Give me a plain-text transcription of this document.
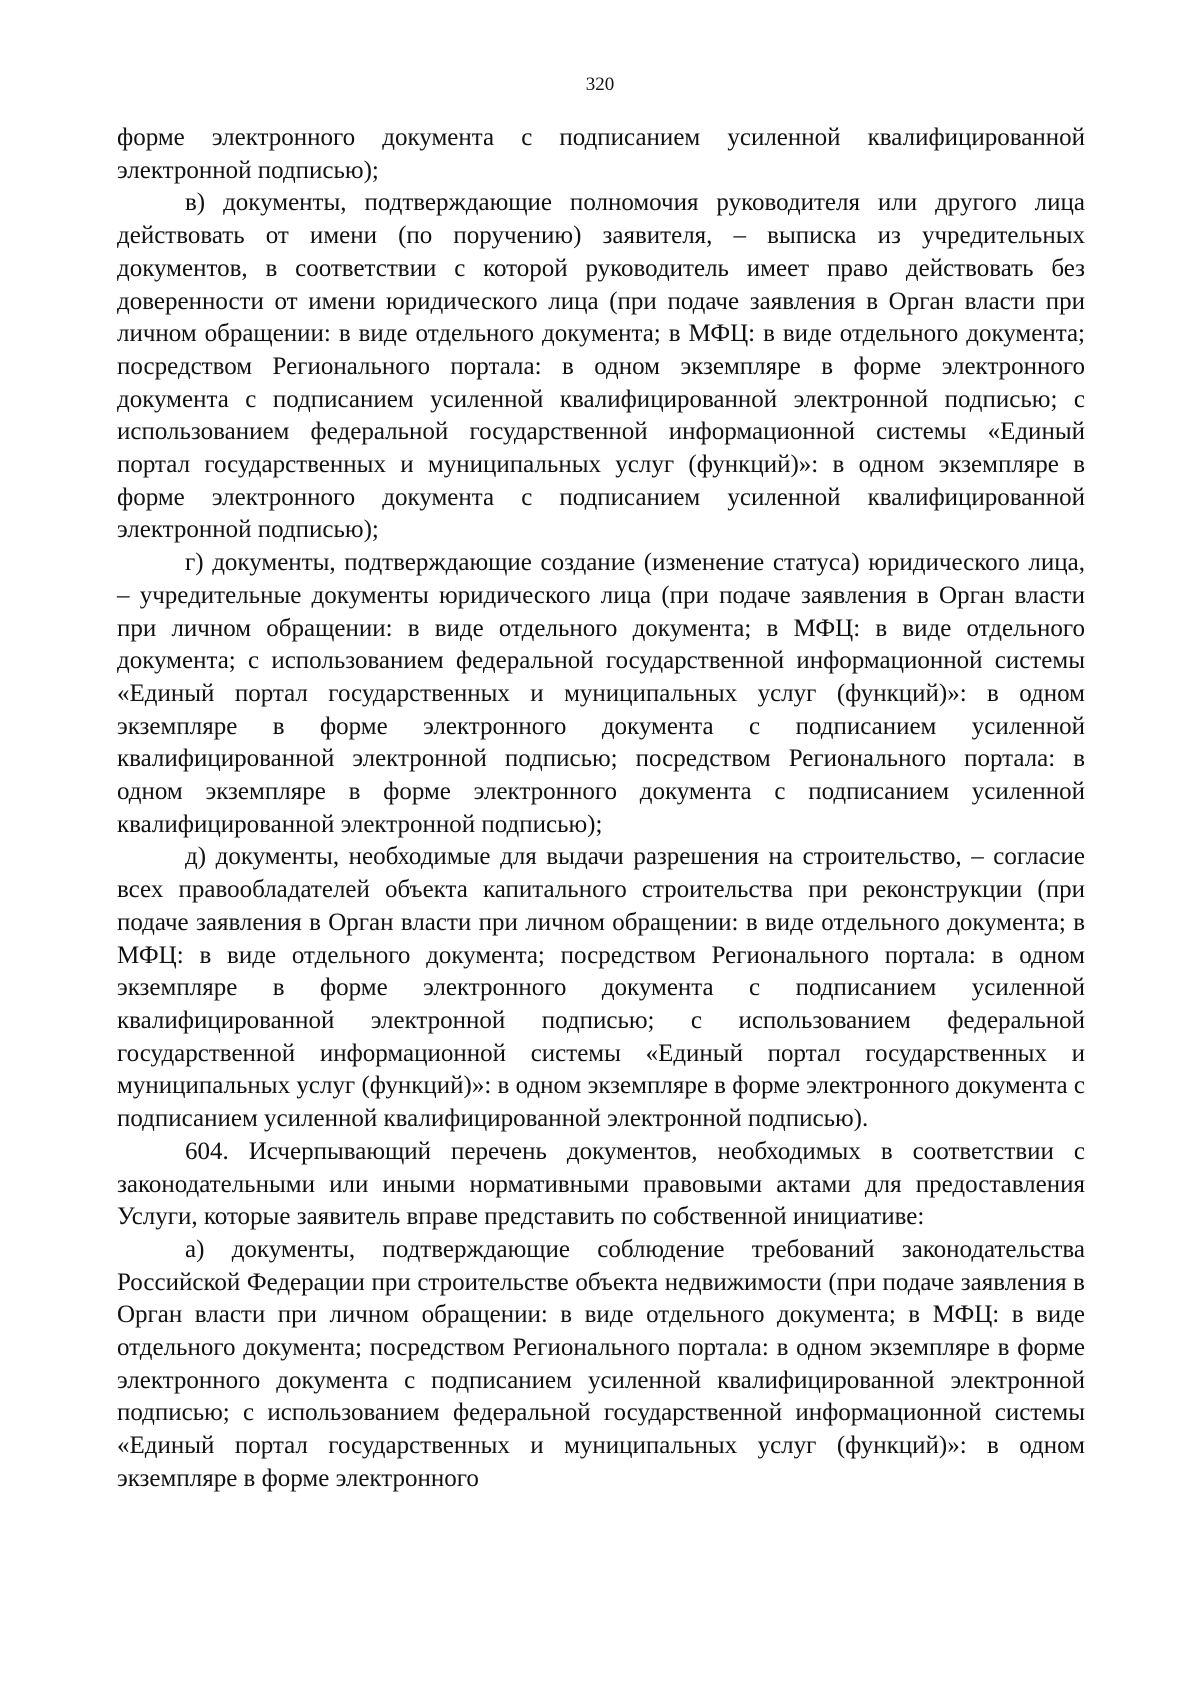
320

форме электронного документа с подписанием усиленной квалифицированной электронной подписью);

в) документы, подтверждающие полномочия руководителя или другого лица действовать от имени (по поручению) заявителя, – выписка из учредительных документов, в соответствии с которой руководитель имеет право действовать без доверенности от имени юридического лица (при подаче заявления в Орган власти при личном обращении: в виде отдельного документа; в МФЦ: в виде отдельного документа; посредством Регионального портала: в одном экземпляре в форме электронного документа с подписанием усиленной квалифицированной электронной подписью; с использованием федеральной государственной информационной системы «Единый портал государственных и муниципальных услуг (функций)»: в одном экземпляре в форме электронного документа с подписанием усиленной квалифицированной электронной подписью);

г) документы, подтверждающие создание (изменение статуса) юридического лица, – учредительные документы юридического лица (при подаче заявления в Орган власти при личном обращении: в виде отдельного документа; в МФЦ: в виде отдельного документа; с использованием федеральной государственной информационной системы «Единый портал государственных и муниципальных услуг (функций)»: в одном экземпляре в форме электронного документа с подписанием усиленной квалифицированной электронной подписью; посредством Регионального портала: в одном экземпляре в форме электронного документа с подписанием усиленной квалифицированной электронной подписью);

д) документы, необходимые для выдачи разрешения на строительство, – согласие всех правообладателей объекта капитального строительства при реконструкции (при подаче заявления в Орган власти при личном обращении: в виде отдельного документа; в МФЦ: в виде отдельного документа; посредством Регионального портала: в одном экземпляре в форме электронного документа с подписанием усиленной квалифицированной электронной подписью; с использованием федеральной государственной информационной системы «Единый портал государственных и муниципальных услуг (функций)»: в одном экземпляре в форме электронного документа с подписанием усиленной квалифицированной электронной подписью).

604. Исчерпывающий перечень документов, необходимых в соответствии с законодательными или иными нормативными правовыми актами для предоставления Услуги, которые заявитель вправе представить по собственной инициативе:

а) документы, подтверждающие соблюдение требований законодательства Российской Федерации при строительстве объекта недвижимости (при подаче заявления в Орган власти при личном обращении: в виде отдельного документа; в МФЦ: в виде отдельного документа; посредством Регионального портала: в одном экземпляре в форме электронного документа с подписанием усиленной квалифицированной электронной подписью; с использованием федеральной государственной информационной системы «Единый портал государственных и муниципальных услуг (функций)»: в одном экземпляре в форме электронного
